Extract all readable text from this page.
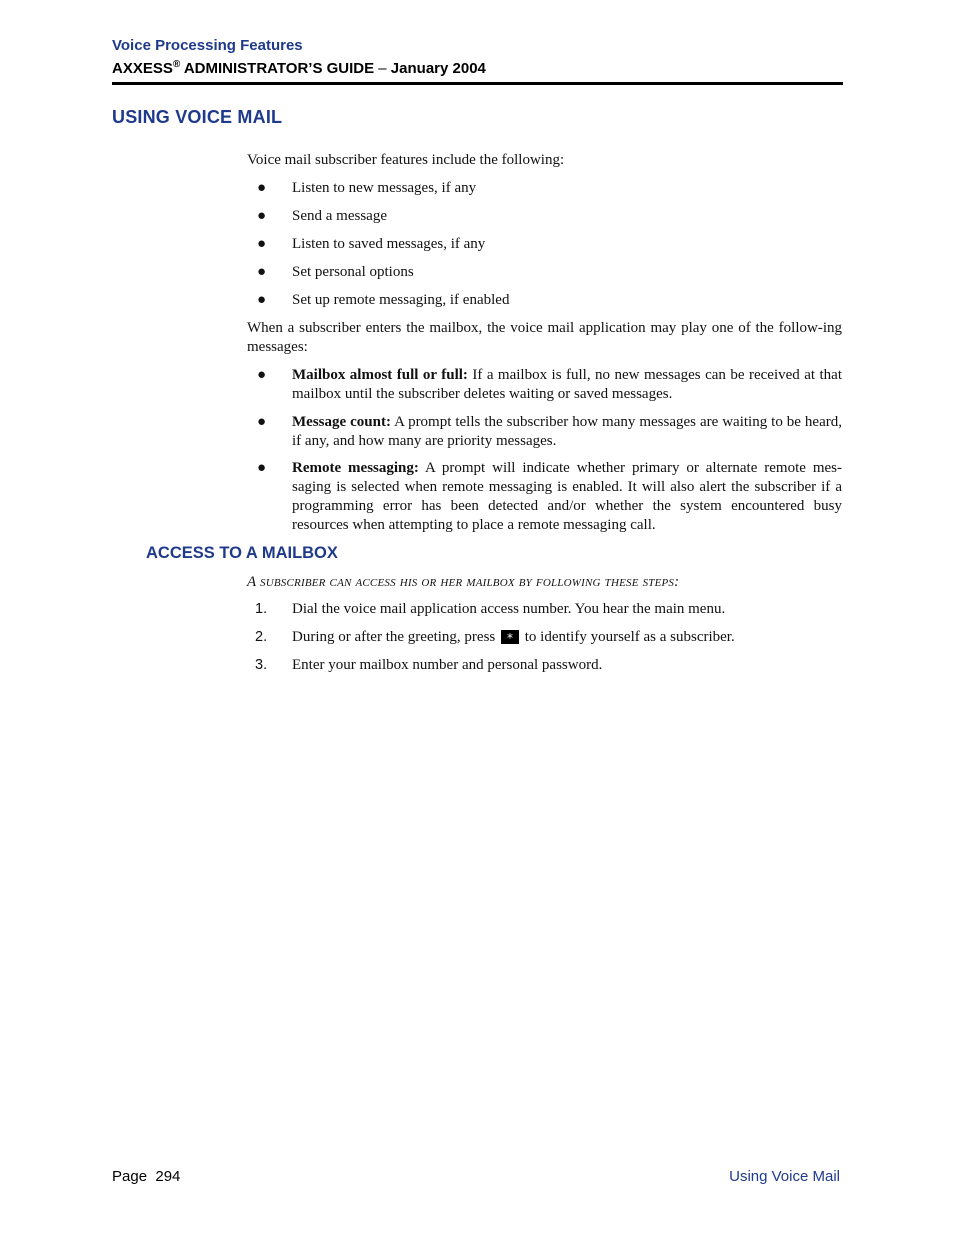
Voice Processing Features
AXXESS® ADMINISTRATOR’S GUIDE – January 2004
USING VOICE MAIL
Voice mail subscriber features include the following:
● Listen to new messages, if any
● Send a message
● Listen to saved messages, if any
● Set personal options
● Set up remote messaging, if enabled
When a subscriber enters the mailbox, the voice mail application may play one of the follow-ing messages:
● Mailbox almost full or full: If a mailbox is full, no new messages can be received at that mailbox until the subscriber deletes waiting or saved messages.
● Message count: A prompt tells the subscriber how many messages are waiting to be heard, if any, and how many are priority messages.
● Remote messaging: A prompt will indicate whether primary or alternate remote mes-saging is selected when remote messaging is enabled. It will also alert the subscriber if a programming error has been detected and/or whether the system encountered busy resources when attempting to place a remote messaging call.
ACCESS TO A MAILBOX
A subscriber can access his or her mailbox by following these steps:
1. Dial the voice mail application access number. You hear the main menu.
2. During or after the greeting, press * to identify yourself as a subscriber.
3. Enter your mailbox number and personal password.
Page  294	Using Voice Mail
